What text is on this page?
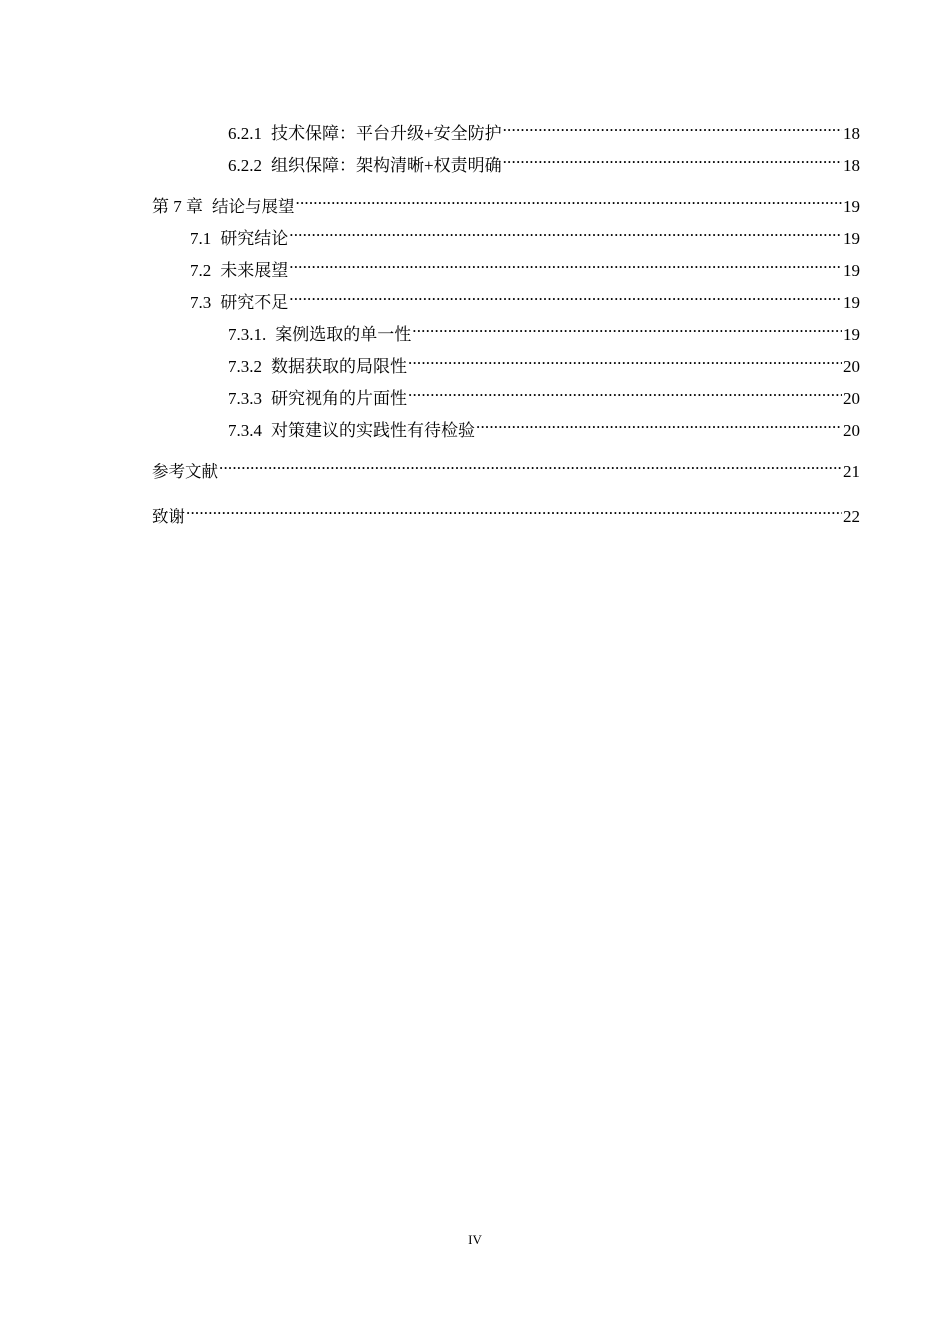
6.2.1 技术保障：平台升级+安全防护 .....	18
6.2.2 组织保障：架构清晰+权责明确 .....	18
第 7 章 结论与展望 .....	19
7.1 研究结论 .....	19
7.2 未来展望 .....	19
7.3 研究不足 .....	19
7.3.1. 案例选取的单一性 .....	19
7.3.2 数据获取的局限性 .....	20
7.3.3 研究视角的片面性 .....	20
7.3.4 对策建议的实践性有待检验 .....	20
参考文献 .....	21
致谢 .....	22
IV
